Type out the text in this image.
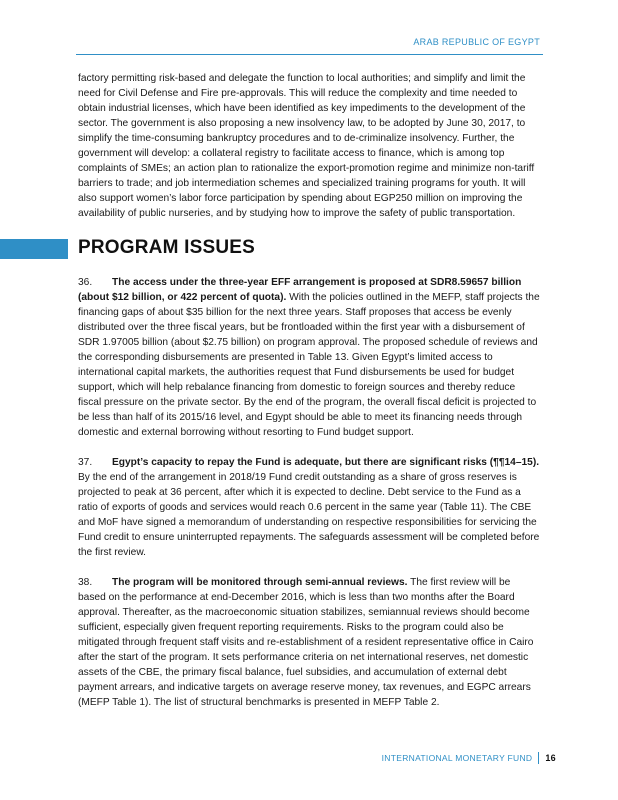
ARAB REPUBLIC OF EGYPT

factory permitting risk-based and delegate the function to local authorities; and simplify and limit the need for Civil Defense and Fire pre-approvals. This will reduce the complexity and time needed to obtain industrial licenses, which have been identified as key impediments to the development of the sector. The government is also proposing a new insolvency law, to be adopted by June 30, 2017, to simplify the time-consuming bankruptcy procedures and to de-criminalize insolvency. Further, the government will develop: a collateral registry to facilitate access to finance, which is among top complaints of SMEs; an action plan to rationalize the export-promotion regime and minimize non-tariff barriers to trade; and job intermediation schemes and specialized training programs for youth. It will also support women’s labor force participation by spending about EGP250 million on improving the availability of public nurseries, and by studying how to improve the safety of public transportation.

PROGRAM ISSUES

36. The access under the three-year EFF arrangement is proposed at SDR8.59657 billion (about $12 billion, or 422 percent of quota). With the policies outlined in the MEFP, staff projects the financing gaps of about $35 billion for the next three years. Staff proposes that access be evenly distributed over the three fiscal years, but be frontloaded within the first year with a disbursement of SDR 1.97005 billion (about $2.75 billion) on program approval. The proposed schedule of reviews and the corresponding disbursements are presented in Table 13. Given Egypt’s limited access to international capital markets, the authorities request that Fund disbursements be used for budget support, which will help rebalance financing from domestic to foreign sources and thereby reduce fiscal pressure on the private sector. By the end of the program, the overall fiscal deficit is projected to be less than half of its 2015/16 level, and Egypt should be able to meet its financing needs through domestic and external borrowing without resorting to Fund budget support.

37. Egypt’s capacity to repay the Fund is adequate, but there are significant risks (¶¶14–15). By the end of the arrangement in 2018/19 Fund credit outstanding as a share of gross reserves is projected to peak at 36 percent, after which it is expected to decline. Debt service to the Fund as a ratio of exports of goods and services would reach 0.6 percent in the same year (Table 11). The CBE and MoF have signed a memorandum of understanding on respective responsibilities for servicing the Fund credit to ensure uninterrupted repayments. The safeguards assessment will be completed before the first review.

38. The program will be monitored through semi-annual reviews. The first review will be based on the performance at end-December 2016, which is less than two months after the Board approval. Thereafter, as the macroeconomic situation stabilizes, semiannual reviews should become sufficient, especially given frequent reporting requirements. Risks to the program could also be mitigated through frequent staff visits and re-establishment of a resident representative office in Cairo after the start of the program. It sets performance criteria on net international reserves, net domestic assets of the CBE, the primary fiscal balance, fuel subsidies, and accumulation of external debt payment arrears, and indicative targets on average reserve money, tax revenues, and EGPC arrears (MEFP Table 1). The list of structural benchmarks is presented in MEFP Table 2.

INTERNATIONAL MONETARY FUND 16
